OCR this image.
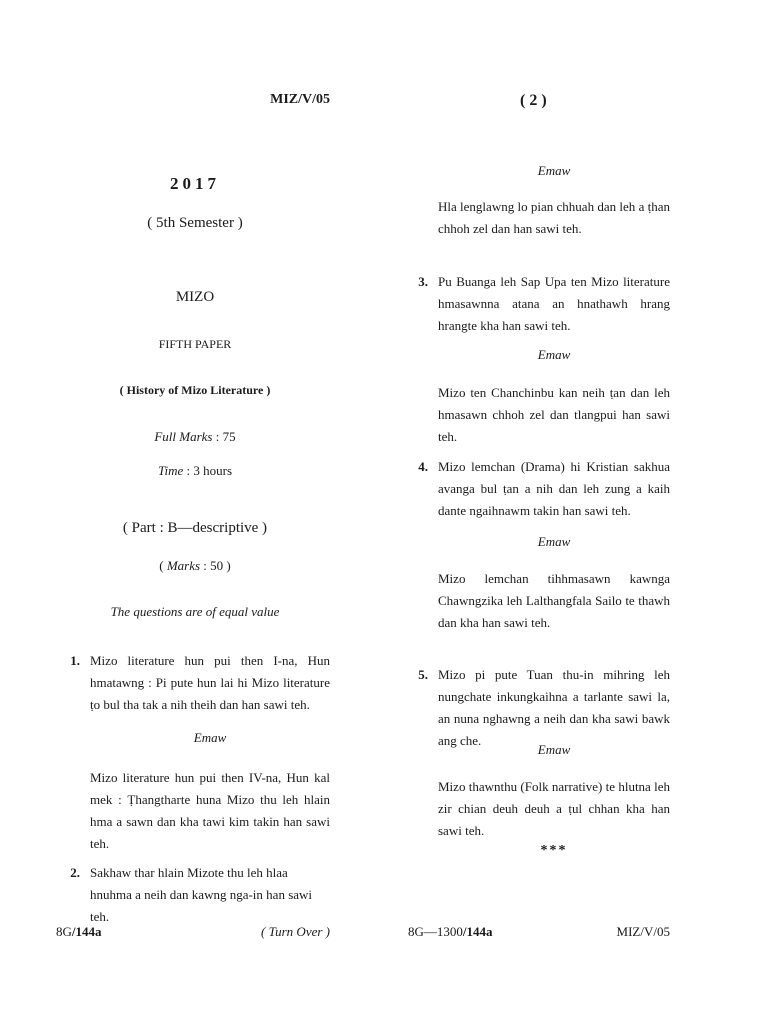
MIZ/V/05
2017
( 5th Semester )
MIZO
FIFTH PAPER
( History of Mizo Literature )
Full Marks : 75
Time : 3 hours
( Part : B—descriptive )
( Marks : 50 )
The questions are of equal value
1. Mizo literature hun pui then I-na, Hun hmatawng : Pi pute hun lai hi Mizo literature ṭo bul tha tak a nih theih dan han sawi teh.
Emaw
Mizo literature hun pui then IV-na, Hun kal mek : Ṭhangtharte huna Mizo thu leh hlain hma a sawn dan kha tawi kim takin han sawi teh.
2. Sakhaw thar hlain Mizote thu leh hlaa hnuhma a neih dan kawng nga-in han sawi teh.
8G/144a	( Turn Over )
( 2 )
Emaw
Hla lenglawng lo pian chhuah dan leh a ṭhan chhoh zel dan han sawi teh.
3. Pu Buanga leh Sap Upa ten Mizo literature hmasawnna atana an hnathawh hrang hrangte kha han sawi teh.
Emaw
Mizo ten Chanchinbu kan neih ṭan dan leh hmasawn chhoh zel dan tlangpui han sawi teh.
4. Mizo lemchan (Drama) hi Kristian sakhua avanga bul ṭan a nih dan leh zung a kaih dante ngaihnawm takin han sawi teh.
Emaw
Mizo lemchan tihhmasawn kawnga Chawngzika leh Lalthangfala Sailo te thawh dan kha han sawi teh.
5. Mizo pi pute Tuan thu-in mihring leh nungchate inkungkaihna a tarlante sawi la, an nuna nghawng a neih dan kha sawi bawk ang che.
Emaw
Mizo thawnthu (Folk narrative) te hlutna leh zir chian deuh deuh a ṭul chhan kha han sawi teh.
***
8G—1300/144a	MIZ/V/05
